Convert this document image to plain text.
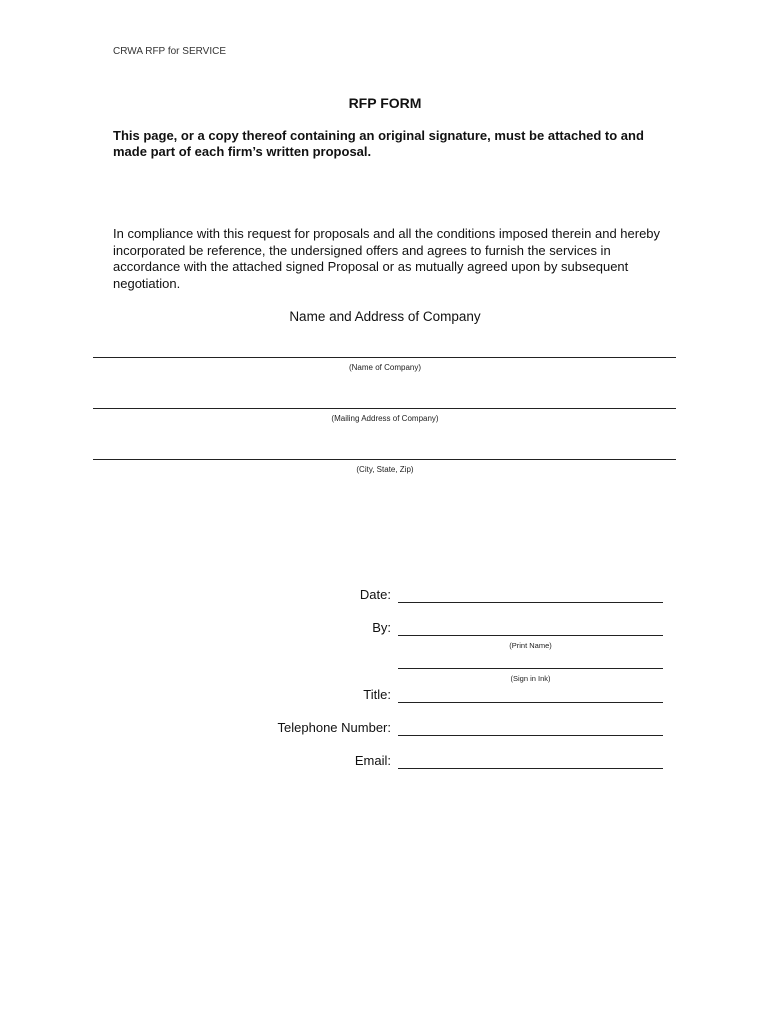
CRWA RFP for SERVICE
RFP FORM
This page, or a copy thereof containing an original signature, must be attached to and made part of each firm’s written proposal.
In compliance with this request for proposals and all the conditions imposed therein and hereby incorporated be reference, the undersigned offers and agrees to furnish the services in accordance with the attached signed Proposal or as mutually agreed upon by subsequent negotiation.
Name and Address of Company
(Name of Company)
(Mailing Address of Company)
(City, State, Zip)
Date:
By:
(Print Name)
(Sign in Ink)
Title:
Telephone Number:
Email:
